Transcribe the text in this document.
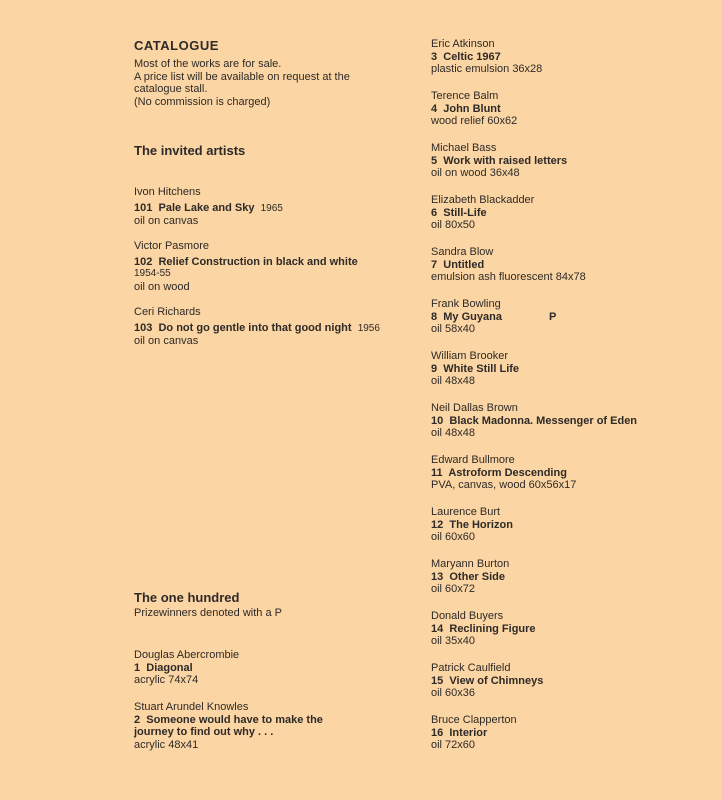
CATALOGUE
Most of the works are for sale.
A price list will be available on request at the
catalogue stall.
(No commission is charged)
The invited artists
Ivon Hitchens
101 Pale Lake and Sky 1965
oil on canvas
Victor Pasmore
102 Relief Construction in black and white
1954-55
oil on wood
Ceri Richards
103 Do not go gentle into that good night 1956
oil on canvas
The one hundred
Prizewinners denoted with a P
Douglas Abercrombie
1 Diagonal
acrylic 74x74
Stuart Arundel Knowles
2 Someone would have to make the
journey to find out why . . .
acrylic 48x41
Eric Atkinson
3 Celtic 1967
plastic emulsion 36x28
Terence Balm
4 John Blunt
wood relief 60x62
Michael Bass
5 Work with raised letters
oil on wood 36x48
Elizabeth Blackadder
6 Still-Life
oil 80x50
Sandra Blow
7 Untitled
emulsion ash fluorescent 84x78
Frank Bowling
8 My Guyana	P
oil 58x40
William Brooker
9 White Still Life
oil 48x48
Neil Dallas Brown
10 Black Madonna. Messenger of Eden
oil 48x48
Edward Bullmore
11 Astroform Descending
PVA, canvas, wood 60x56x17
Laurence Burt
12 The Horizon
oil 60x60
Maryann Burton
13 Other Side
oil 60x72
Donald Buyers
14 Reclining Figure
oil 35x40
Patrick Caulfield
15 View of Chimneys
oil 60x36
Bruce Clapperton
16 Interior
oil 72x60
